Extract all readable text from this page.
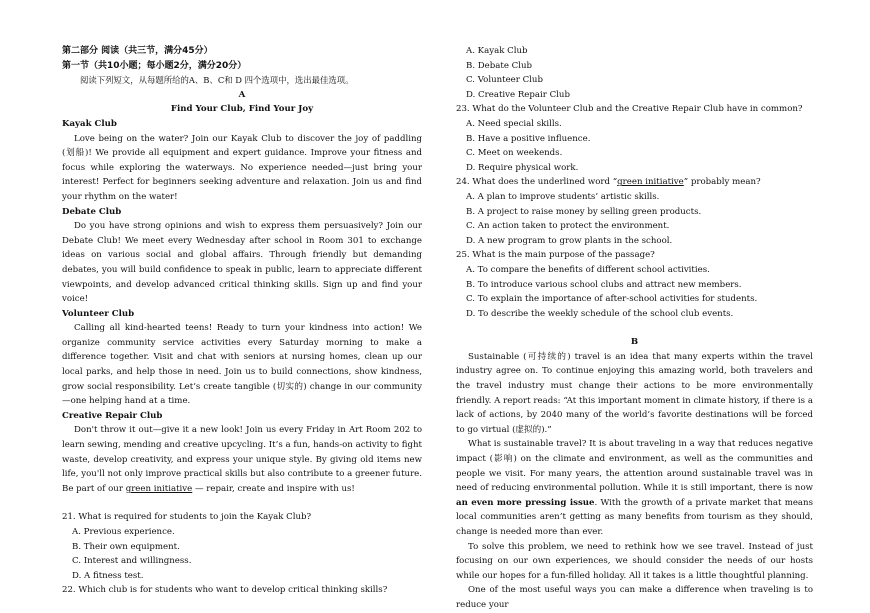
第二部分 阅读（共三节，满分45分）

第一节（共10小题；每小题2分，满分20分）

阅读下列短文，从每题所给的A、B、C和 D 四个选项中，选出最佳选项。

A

Find Your Club, Find Your Joy

Kayak Club

Love being on the water? Join our Kayak Club to discover the joy of paddling (划船)! We provide all equipment and expert guidance. Improve your fitness and focus while exploring the waterways. No experience needed—just bring your interest! Perfect for beginners seeking adventure and relaxation. Join us and find your rhythm on the water!

Debate Club

Do you have strong opinions and wish to express them persuasively? Join our Debate Club! We meet every Wednesday after school in Room 301 to exchange ideas on various social and global affairs. Through friendly but demanding debates, you will build confidence to speak in public, learn to appreciate different viewpoints, and develop advanced critical thinking skills. Sign up and find your voice!

Volunteer Club

Calling all kind-hearted teens! Ready to turn your kindness into action! We organize community service activities every Saturday morning to make a difference together. Visit and chat with seniors at nursing homes, clean up our local parks, and help those in need. Join us to build connections, show kindness, grow social responsibility. Let’s create tangible (切实的) change in our community —one helping hand at a time.

Creative Repair Club

Don't throw it out—give it a new look! Join us every Friday in Art Room 202 to learn sewing, mending and creative upcycling. It’s a fun, hands-on activity to fight waste, develop creativity, and express your unique style. By giving old items new life, you'll not only improve practical skills but also contribute to a greener future. Be part of our green initiative — repair, create and inspire with us!

21. What is required for students to join the Kayak Club?

A. Previous experience.

B. Their own equipment.

C. Interest and willingness.

D. A fitness test.

22. Which club is for students who want to develop critical thinking skills?

A. Kayak Club

B. Debate Club

C. Volunteer Club

D. Creative Repair Club

23. What do the Volunteer Club and the Creative Repair Club have in common?

A. Need special skills.

B. Have a positive influence.

C. Meet on weekends.

D. Require physical work.

24. What does the underlined word “green initiative” probably mean?

A. A plan to improve students’ artistic skills.

B. A project to raise money by selling green products.

C. An action taken to protect the environment.

D. A new program to grow plants in the school.

25. What is the main purpose of the passage?

A. To compare the benefits of different school activities.

B. To introduce various school clubs and attract new members.

C. To explain the importance of after-school activities for students.

D. To describe the weekly schedule of the school club events.

B

Sustainable (可持续的) travel is an idea that many experts within the travel industry agree on. To continue enjoying this amazing world, both travelers and the travel industry must change their actions to be more environmentally friendly. A report reads: “At this important moment in climate history, if there is a lack of actions, by 2040 many of the world’s favorite destinations will be forced to go virtual (虚拟的).”

What is sustainable travel? It is about traveling in a way that reduces negative impact (影响) on the climate and environment, as well as the communities and people we visit. For many years, the attention around sustainable travel was in need of reducing environmental pollution. While it is still important, there is now an even more pressing issue. With the growth of a private market that means local communities aren’t getting as many benefits from tourism as they should, change is needed more than ever.

To solve this problem, we need to rethink how we see travel. Instead of just focusing on our own experiences, we should consider the needs of our hosts while our hopes for a fun-filled holiday. All it takes is a little thoughtful planning.

One of the most useful ways you can make a difference when traveling is to reduce your
